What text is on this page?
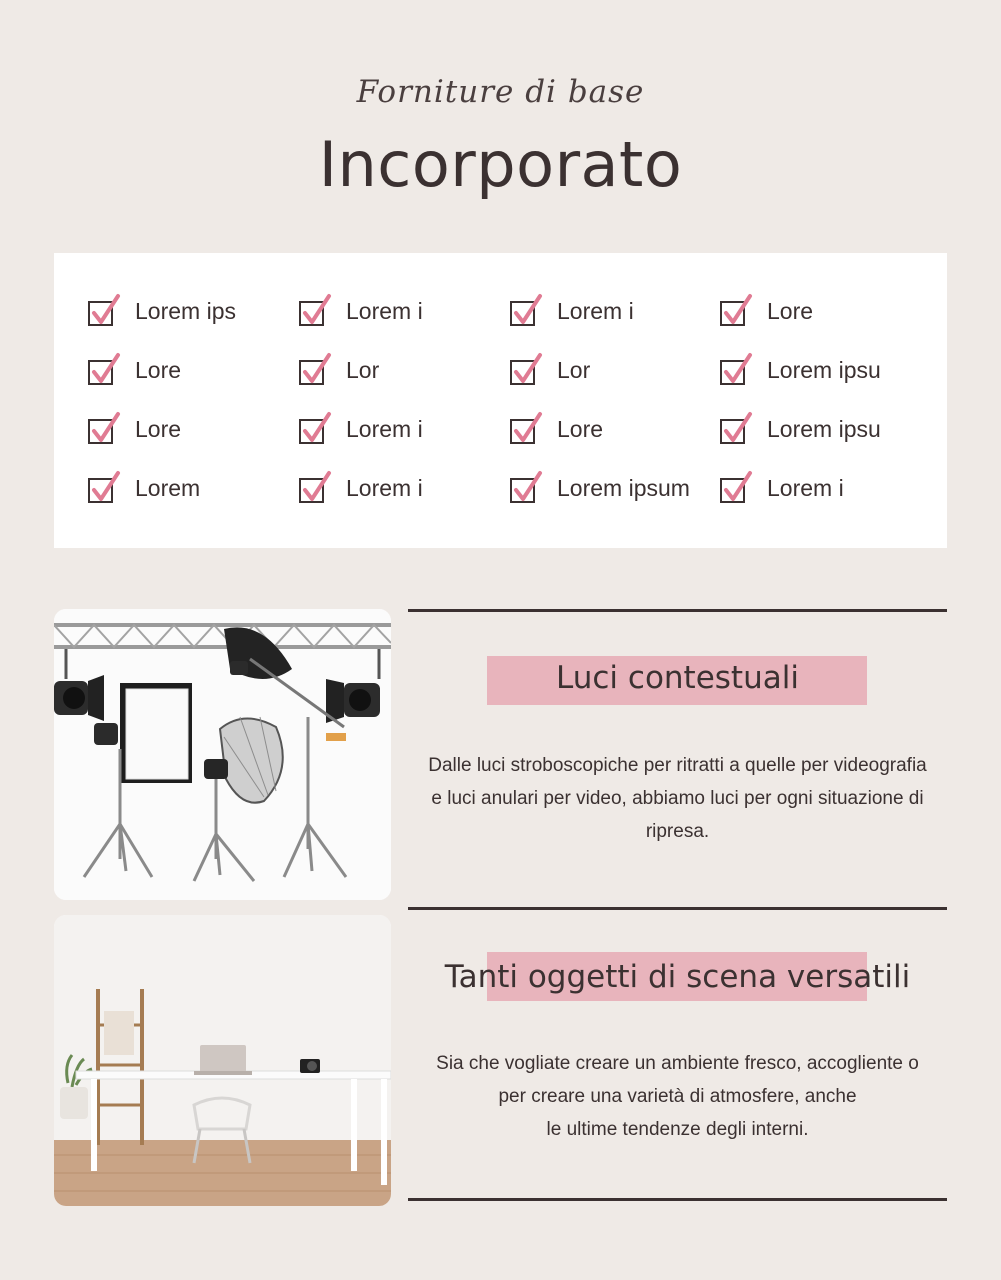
Forniture di base
Incorporato
Lorem ips	Lorem i	Lorem i	Lore
Lore	Lor	Lor	Lorem ipsu
Lore	Lorem i	Lore	Lorem ipsu
Lorem	Lorem i	Lorem ipsum	Lorem i
Luci contestuali
Dalle luci stroboscopiche per ritratti a quelle per videografia
e luci anulari per video, abbiamo luci per ogni situazione di
ripresa.
Tanti oggetti di scena versatili
Sia che vogliate creare un ambiente fresco, accogliente o
per creare una varietà di atmosfere, anche
le ultime tendenze degli interni.
